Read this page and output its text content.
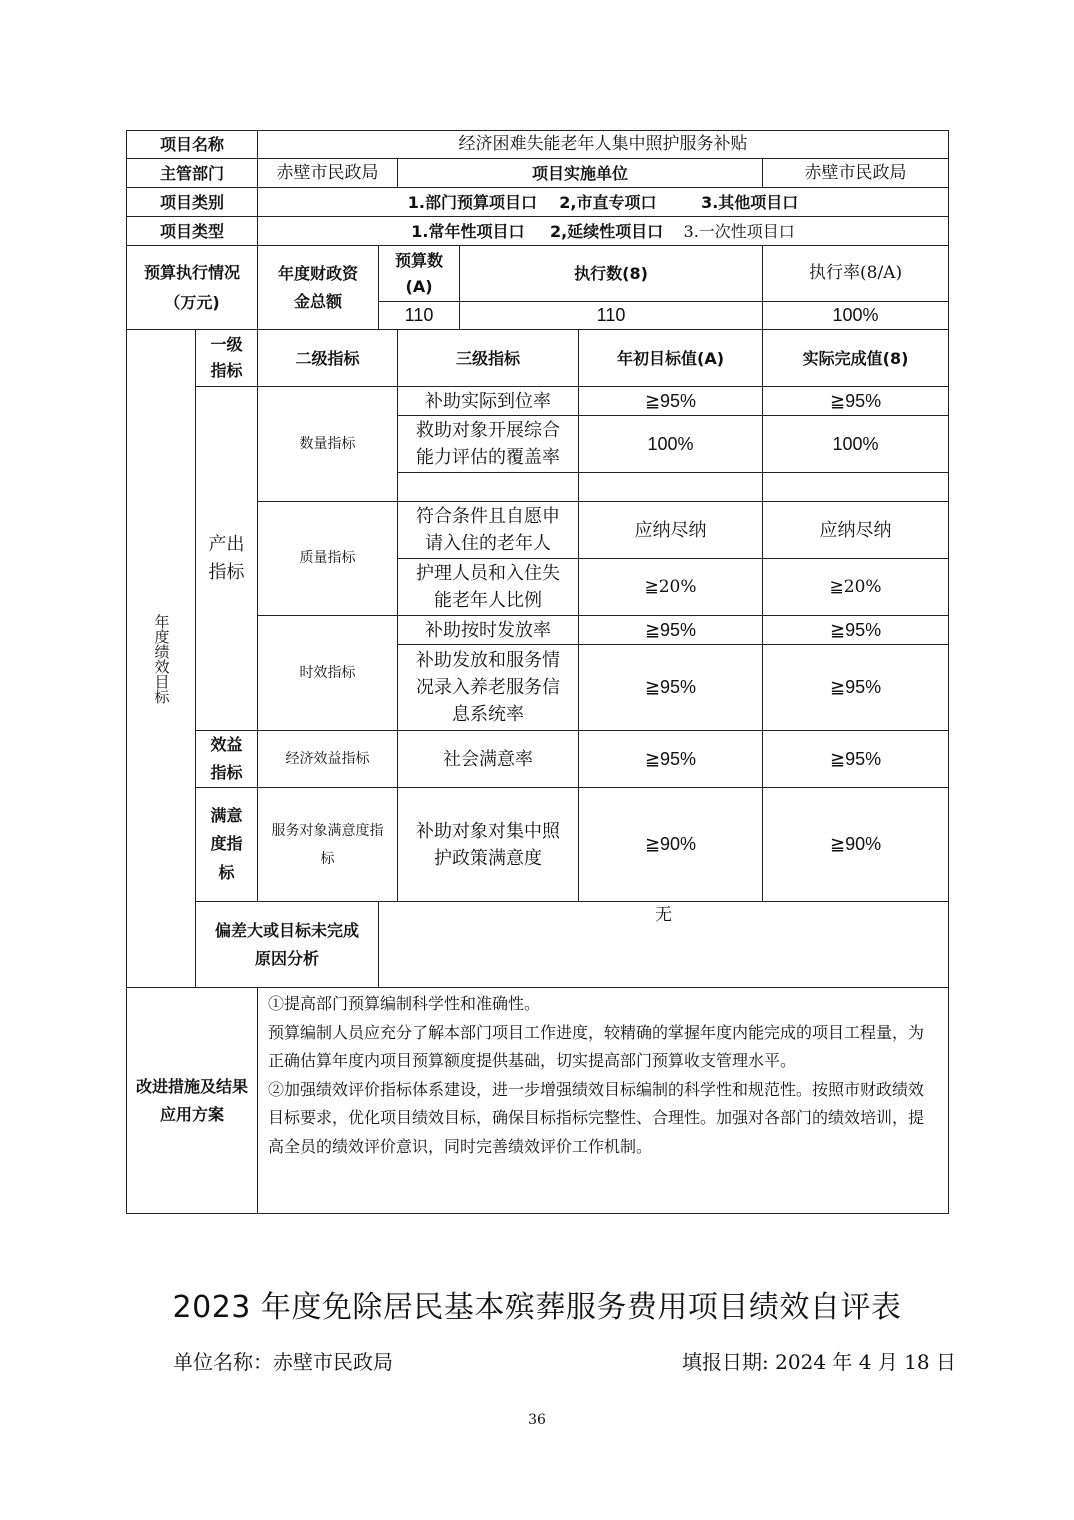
项目名称		经济困难失能老年人集中照护服务补贴					
主管部门		赤壁市民政局		项目实施单位			赤壁市民政局
项目类别		1.部门预算项目口    2,市直专项口        3.其他项目口					
项目类型		1.常年性项目口 2,延续性项目口 3.一次性项目口					
预算执行情况（万元)		年度财政资金总额	预算数(A)		执行数(8)		执行率(8/A)
			110		110		100%

年度绩效目标	一级指标	二级指标		三级指标		年初目标值(A)	实际完成值(8)
	产出指标	数量指标		补助实际到位率		≧95%	≧95%
				救助对象开展综合能力评估的覆盖率		100%	100%

		质量指标		符合条件且自愿申请入住的老年人		应纳尽纳	应纳尽纳
				护理人员和入住失能老年人比例		≧20%	≧20%
		时效指标		补助按时发放率		≧95%	≧95%
				补助发放和服务情况录入养老服务信息系统率		≧95%	≧95%
	效益指标	经济效益指标		社会满意率		≧95%	≧95%
	满意度指标	服务对象满意度指标		补助对象对集中照护政策满意度		≧90%	≧90%
	偏差大或目标未完成原因分析		无				
改进措施及结果应用方案		①提高部门预算编制科学性和准确性。

预算编制人员应充分了解本部门项目工作进度，较精确的掌握年度内能完成的项目工程量，为正确估算年度内项目预算额度提供基础，切实提高部门预算收支管理水平。

②加强绩效评价指标体系建设，进一步增强绩效目标编制的科学性和规范性。按照市财政绩效目标要求，优化项目绩效目标，确保目标指标完整性、合理性。加强对各部门的绩效培训，提高全员的绩效评价意识，同时完善绩效评价工作机制。					

2023 年度免除居民基本殡葬服务费用项目绩效自评表
单位名称：赤壁市民政局	填报日期: 2024 年 4 月 18 日
36
